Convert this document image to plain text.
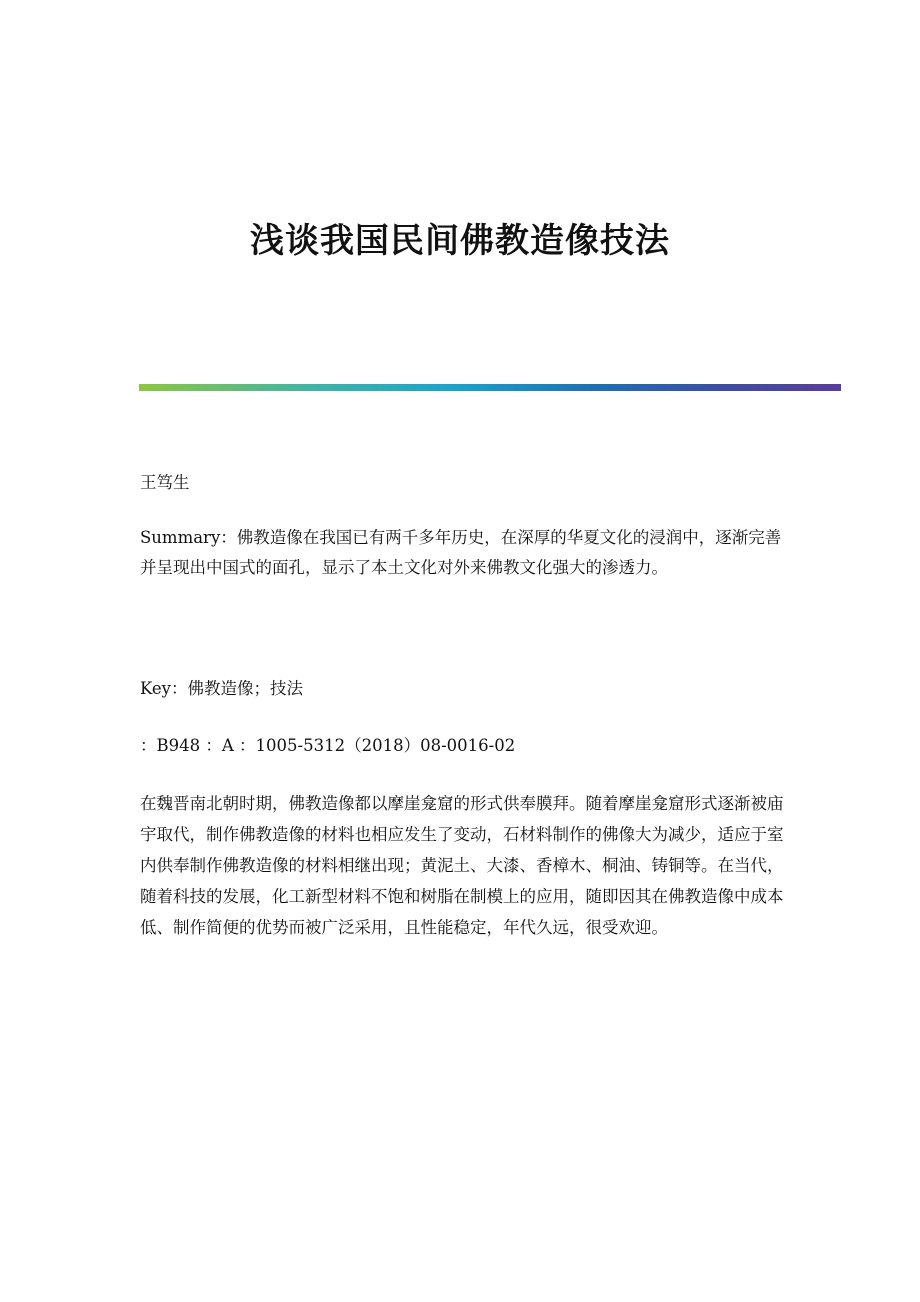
浅谈我国民间佛教造像技法

王笃生

Summary：佛教造像在我国已有两千多年历史，在深厚的华夏文化的浸润中，逐渐完善并呈现出中国式的面孔，显示了本土文化对外来佛教文化强大的渗透力。

Key：佛教造像；技法

：B948 ：A ：1005-5312（2018）08-0016-02

在魏晋南北朝时期，佛教造像都以摩崖龛窟的形式供奉膜拜。随着摩崖龛窟形式逐渐被庙宇取代，制作佛教造像的材料也相应发生了变动，石材料制作的佛像大为减少，适应于室内供奉制作佛教造像的材料相继出现；黄泥土、大漆、香樟木、桐油、铸铜等。在当代，随着科技的发展，化工新型材料不饱和树脂在制模上的应用，随即因其在佛教造像中成本低、制作简便的优势而被广泛采用，且性能稳定，年代久远，很受欢迎。
